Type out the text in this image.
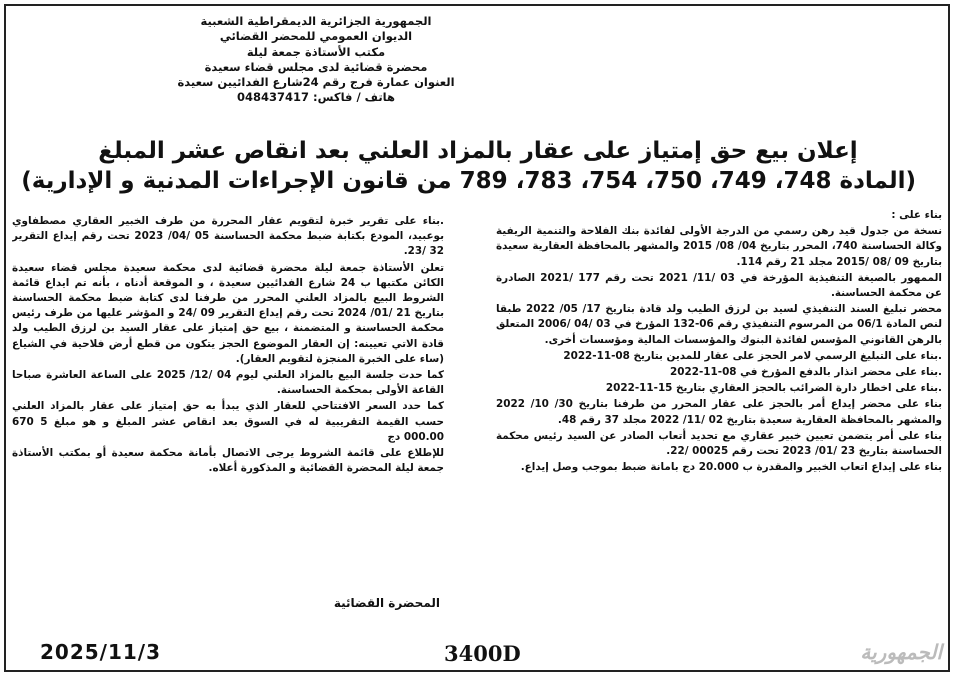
الجمهورية الجزائرية الديمقراطية الشعبية
الديوان العمومي للمحضر القضائي
مكتب الأستاذة جمعة ليلة
محضرة قضائية لدى مجلس قضاء سعيدة
العنوان عمارة فرج رقم 24شارع الفدائيين سعيدة
هاتف / فاكس: 048437417
إعلان بيع حق إمتياز على عقار بالمزاد العلني بعد انقاص عشر المبلغ
(المادة 748، 749، 750، 754، 783، 789 من قانون الإجراءات المدنية و الإدارية)
بناء على :
نسخة من جدول قيد رهن رسمي من الدرجة الأولى لفائدة بنك الفلاحة والتنمية الريفية وكالة الحساسنة 740، المحرر بتاريخ 04/ 08/ 2015 والمشهر بالمحافظة العقارية سعيدة بتاريخ 09 /08 /2015 مجلد 21 رقم 114.
الممهور بالصيغة التنفيذية المؤرخة في 03 /11/ 2021 تحت رقم 177 /2021 الصادرة عن محكمة الحساسنة.
محضر تبليغ السند التنفيذي لسيد بن لرزق الطيب ولد قادة بتاريخ 17/ 05/ 2022 طبقا لنص المادة 06/1 من المرسوم التنفيذي رقم 06-132 المؤرخ في 03 /04 /2006 المتعلق بالرهن القانوني المؤسس لفائدة البنوك والمؤسسات المالية ومؤسسات أخرى.
.بناء على التبليغ الرسمي لامر الحجز على عقار للمدين بتاريخ 08-11-2022
.بناء على محضر انذار بالدفع المؤرخ في 08-11-2022
.بناء على اخطار دارة الضرائب بالحجز العقاري بتاريخ 15-11-2022
بناء على محضر إيداع أمر بالحجز على عقار المحرر من طرفنا بتاريخ 30/ 10/ 2022 والمشهر بالمحافظة العقارية سعيدة بتاريخ 02 /11/ 2022 مجلد 37 رقم 48.
بناء على أمر يتضمن تعيين خبير عقاري مع تحديد أتعاب الصادر عن السيد رئيس محكمة الحساسنة بتاريخ 23 /01/ 2023 تحت رقم 00025 /22.
بناء على إيداع اتعاب الخبير والمقدرة ب 20.000 دج بامانة ضبط بموجب وصل إيداع.
.بناء على تقرير خبرة لتقويم عقار المحررة من طرف الخبير العقاري مصطفاوي بوعبيد، المودع بكتابة ضبط محكمة الحساسنة 05 /04/ 2023 تحت رقم إيداع التقرير 32 /23.
تعلن الأستاذة جمعة ليلة محضرة قضائية لدى محكمة سعيدة مجلس قضاء سعيدة الكائن مكتبها ب 24 شارع الفدائيين سعيدة ، و الموقعة أدناه ، بأنه تم ايداع قائمة الشروط البيع بالمزاد العلني المحرر من طرفنا لدى كتابة ضبط محكمة الحساسنة بتاريخ 21 /01/ 2024 تحت رقم إيداع التقرير 09 /24 و المؤشر عليها من طرف رئيس محكمة الحساسنة و المتضمنة ، بيع حق إمتياز على عقار السيد بن لرزق الطيب ولد قادة الاتي تعيينه: إن العقار الموضوع الحجز يتكون من قطع أرض فلاحية في الشياع (ساء على الخبرة المنجزة لتقويم العقار).
كما حدت جلسة البيع بالمزاد العلني ليوم 04 /12/ 2025 على الساعة العاشرة صباحا القاعة الأولى بمحكمة الحساسنة.
كما حدد السعر الافتتاحي للعقار الذي يبدأ به حق إمتياز على عقار بالمزاد العلني حسب القيمة التقريبية له في السوق بعد انقاص عشر المبلغ و هو مبلغ 5 670 000.00 دج
للإطلاع على قائمة الشروط يرجى الاتصال بأمانة محكمة سعيدة أو بمكتب الأستاذة جمعة ليلة المحضرة القضائية و المذكورة أعلاه.
المحضرة القضائية
2025/11/3	3400D	الجمهورية
